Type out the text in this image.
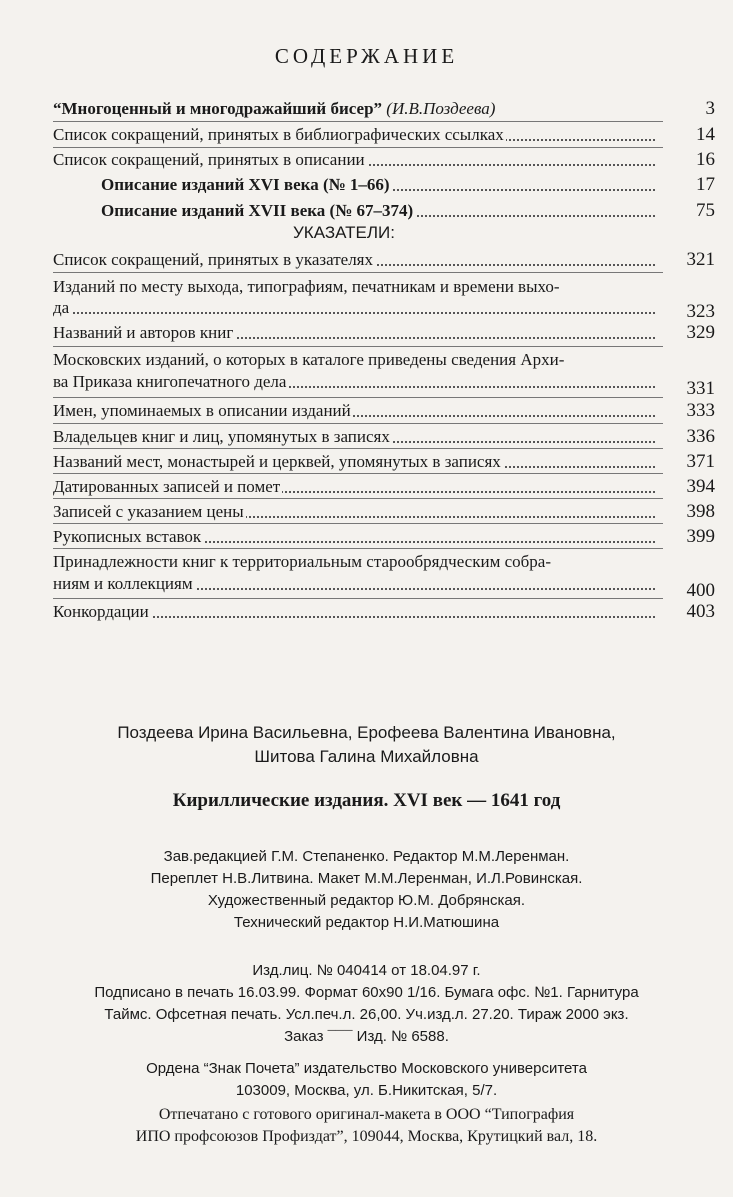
СОДЕРЖАНИЕ
“Многоценный и многодражайший бисер” (И.В.Поздеева)	3
Список сокращений, принятых в библиографических ссылках	14
Список сокращений, принятых в описании	16
Описание изданий XVI века (№ 1–66)	17
Описание изданий XVII века (№ 67–374)	75
УКАЗАТЕЛИ:
Список сокращений, принятых в указателях	321
Изданий по месту выхода, типографиям, печатникам и времени выхо-
да	323
Названий и авторов книг	329
Московских изданий, о которых в каталоге приведены сведения Архи-
ва Приказа книгопечатного дела	331
Имен, упоминаемых в описании изданий	333
Владельцев книг и лиц, упомянутых в записях	336
Названий мест, монастырей и церквей, упомянутых в записях	371
Датированных записей и помет	394
Записей с указанием цены	398
Рукописных вставок	399
Принадлежности книг к территориальным старообрядческим собра-
ниям и коллекциям	400
Конкордации	403
Поздеева Ирина Васильевна, Ерофеева Валентина Ивановна,
Шитова Галина Михайловна
Кириллические издания. XVI век — 1641 год
Зав.редакцией Г.М. Степаненко. Редактор М.М.Леренман.
Переплет Н.В.Литвина. Макет М.М.Леренман, И.Л.Ровинская.
Художественный редактор Ю.М. Добрянская.
Технический редактор Н.И.Матюшина
Изд.лиц. № 040414 от 18.04.97 г.
Подписано в печать 16.03.99. Формат 60х90 1/16. Бумага офс. №1. Гарнитура
Таймс. Офсетная печать. Усл.печ.л. 26,00. Уч.изд.л. 27.20. Тираж 2000 экз.
Заказ ¯¯¯ Изд. № 6588.
Ордена “Знак Почета” издательство Московского университета
103009, Москва, ул. Б.Никитская, 5/7.
Отпечатано с готового оригинал-макета в ООО “Типография
ИПО профсоюзов Профиздат”, 109044, Москва, Крутицкий вал, 18.
